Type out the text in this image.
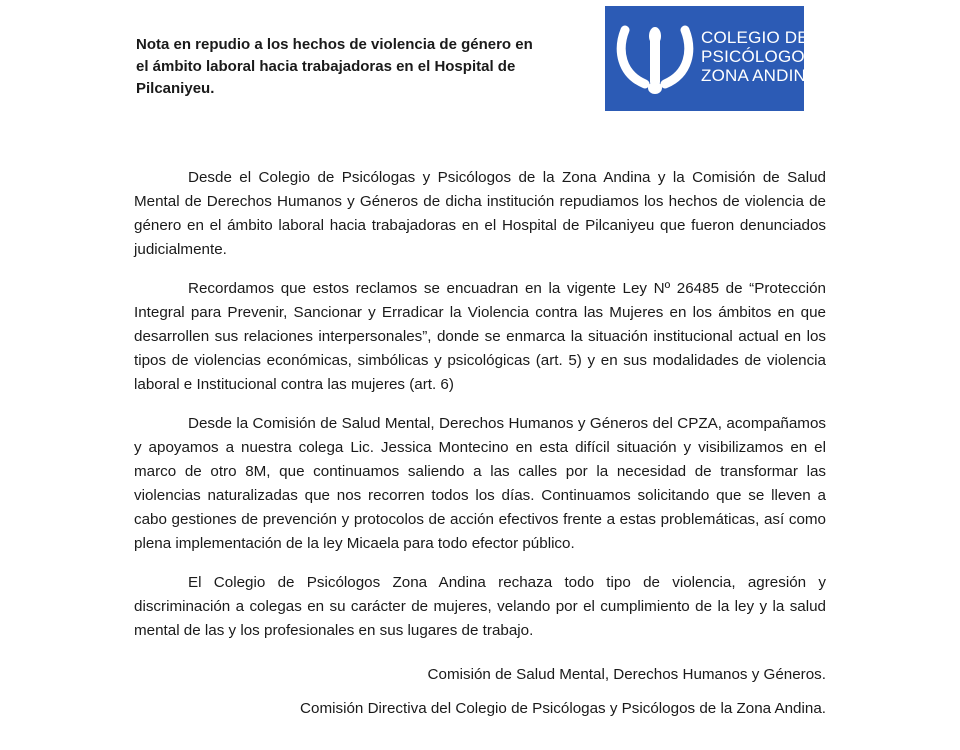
Nota en repudio a los hechos de violencia de género en el ámbito laboral hacia trabajadoras en el Hospital de Pilcaniyeu.
COLEGIO DE
PSICÓLOGOS
ZONA ANDINA

Desde el Colegio de Psicólogas y Psicólogos de la Zona Andina y la Comisión de Salud Mental de Derechos Humanos y Géneros de dicha institución repudiamos los hechos de violencia de género en el ámbito laboral hacia trabajadoras en el Hospital de Pilcaniyeu que fueron denunciados judicialmente.

Recordamos que estos reclamos se encuadran en la vigente Ley Nº 26485 de “Protección Integral para Prevenir, Sancionar y Erradicar la Violencia contra las Mujeres en los ámbitos en que desarrollen sus relaciones interpersonales”, donde se enmarca la situación institucional actual en los tipos de violencias económicas, simbólicas y psicológicas (art. 5) y en sus modalidades de violencia laboral e Institucional contra las mujeres (art. 6)

Desde la Comisión de Salud Mental, Derechos Humanos y Géneros del CPZA, acompañamos y apoyamos a nuestra colega Lic. Jessica Montecino en esta difícil situación y visibilizamos en el marco de otro 8M, que continuamos saliendo a las calles por la necesidad de transformar las violencias naturalizadas que nos recorren todos los días. Continuamos solicitando que se lleven a cabo gestiones de prevención y protocolos de acción efectivos frente a estas problemáticas, así como plena implementación de la ley Micaela para todo efector público.

El Colegio de Psicólogos Zona Andina rechaza todo tipo de violencia, agresión y discriminación a colegas en su carácter de mujeres, velando por el cumplimiento de la ley y la salud mental de las y los profesionales en sus lugares de trabajo.

Comisión de Salud Mental, Derechos Humanos y Géneros.

Comisión Directiva del Colegio de Psicólogas y Psicólogos de la Zona Andina.
